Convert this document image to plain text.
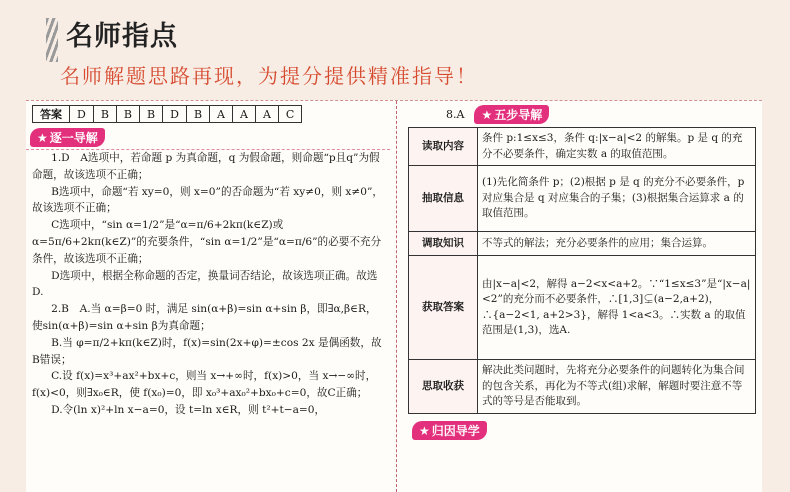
名师指点
名师解题思路再现，为提分提供精准指导！
答案	D	B	B	B	D	B	A	A	A	C
★ 逐一导解

1.D　A选项中，若命题 p 为真命题，q 为假命题，则命题“p且q”为假命题，故该选项不正确；

B选项中，命题“若 xy=0，则 x=0”的否命题为“若 xy≠0，则 x≠0”，故该选项不正确；

C选项中，“sin α=1/2”是“α=π/6+2kπ(k∈Z)或 α=5π/6+2kπ(k∈Z)”的充要条件，“sin α=1/2”是“α=π/6”的必要不充分条件，故该选项不正确；

D选项中，根据全称命题的否定，换量词否结论，故该选项正确。故选D.

2.B　A.当 α=β=0 时，满足 sin(α+β)=sin α+sin β，即∃α,β∈R，使sin(α+β)=sin α+sin β为真命题；

B.当 φ=π/2+kπ(k∈Z)时，f(x)=sin(2x+φ)=±cos 2x 是偶函数，故B错误；

C.设 f(x)=x³+ax²+bx+c，则当 x→+∞时，f(x)>0，当 x→−∞时，f(x)<0，则∃x₀∈R，使 f(x₀)=0，即 x₀³+ax₀²+bx₀+c=0，故C正确；

D.令(ln x)²+ln x−a=0，设 t=ln x∈R，则 t²+t−a=0，

8.A	★ 五步导解
读取内容	条件 p:1≤x≤3，条件 q:|x−a|<2 的解集。p 是 q 的充分不必要条件，确定实数 a 的取值范围。
抽取信息	(1)先化简条件 p；(2)根据 p 是 q 的充分不必要条件，p 对应集合是 q 对应集合的子集；(3)根据集合运算求 a 的取值范围。
调取知识	不等式的解法；充分必要条件的应用；集合运算。
获取答案	由|x−a|<2，解得 a−2<x<a+2。∵“1≤x≤3”是“|x−a|<2”的充分而不必要条件，∴[1,3]⊊(a−2,a+2)，∴{a−2<1, a+2>3}，解得 1<a<3。∴实数 a 的取值范围是(1,3)，选A.
思取收获	解决此类问题时，先将充分必要条件的问题转化为集合间的包含关系，再化为不等式(组)求解，解题时要注意不等式的等号是否能取到。
★ 归因导学
